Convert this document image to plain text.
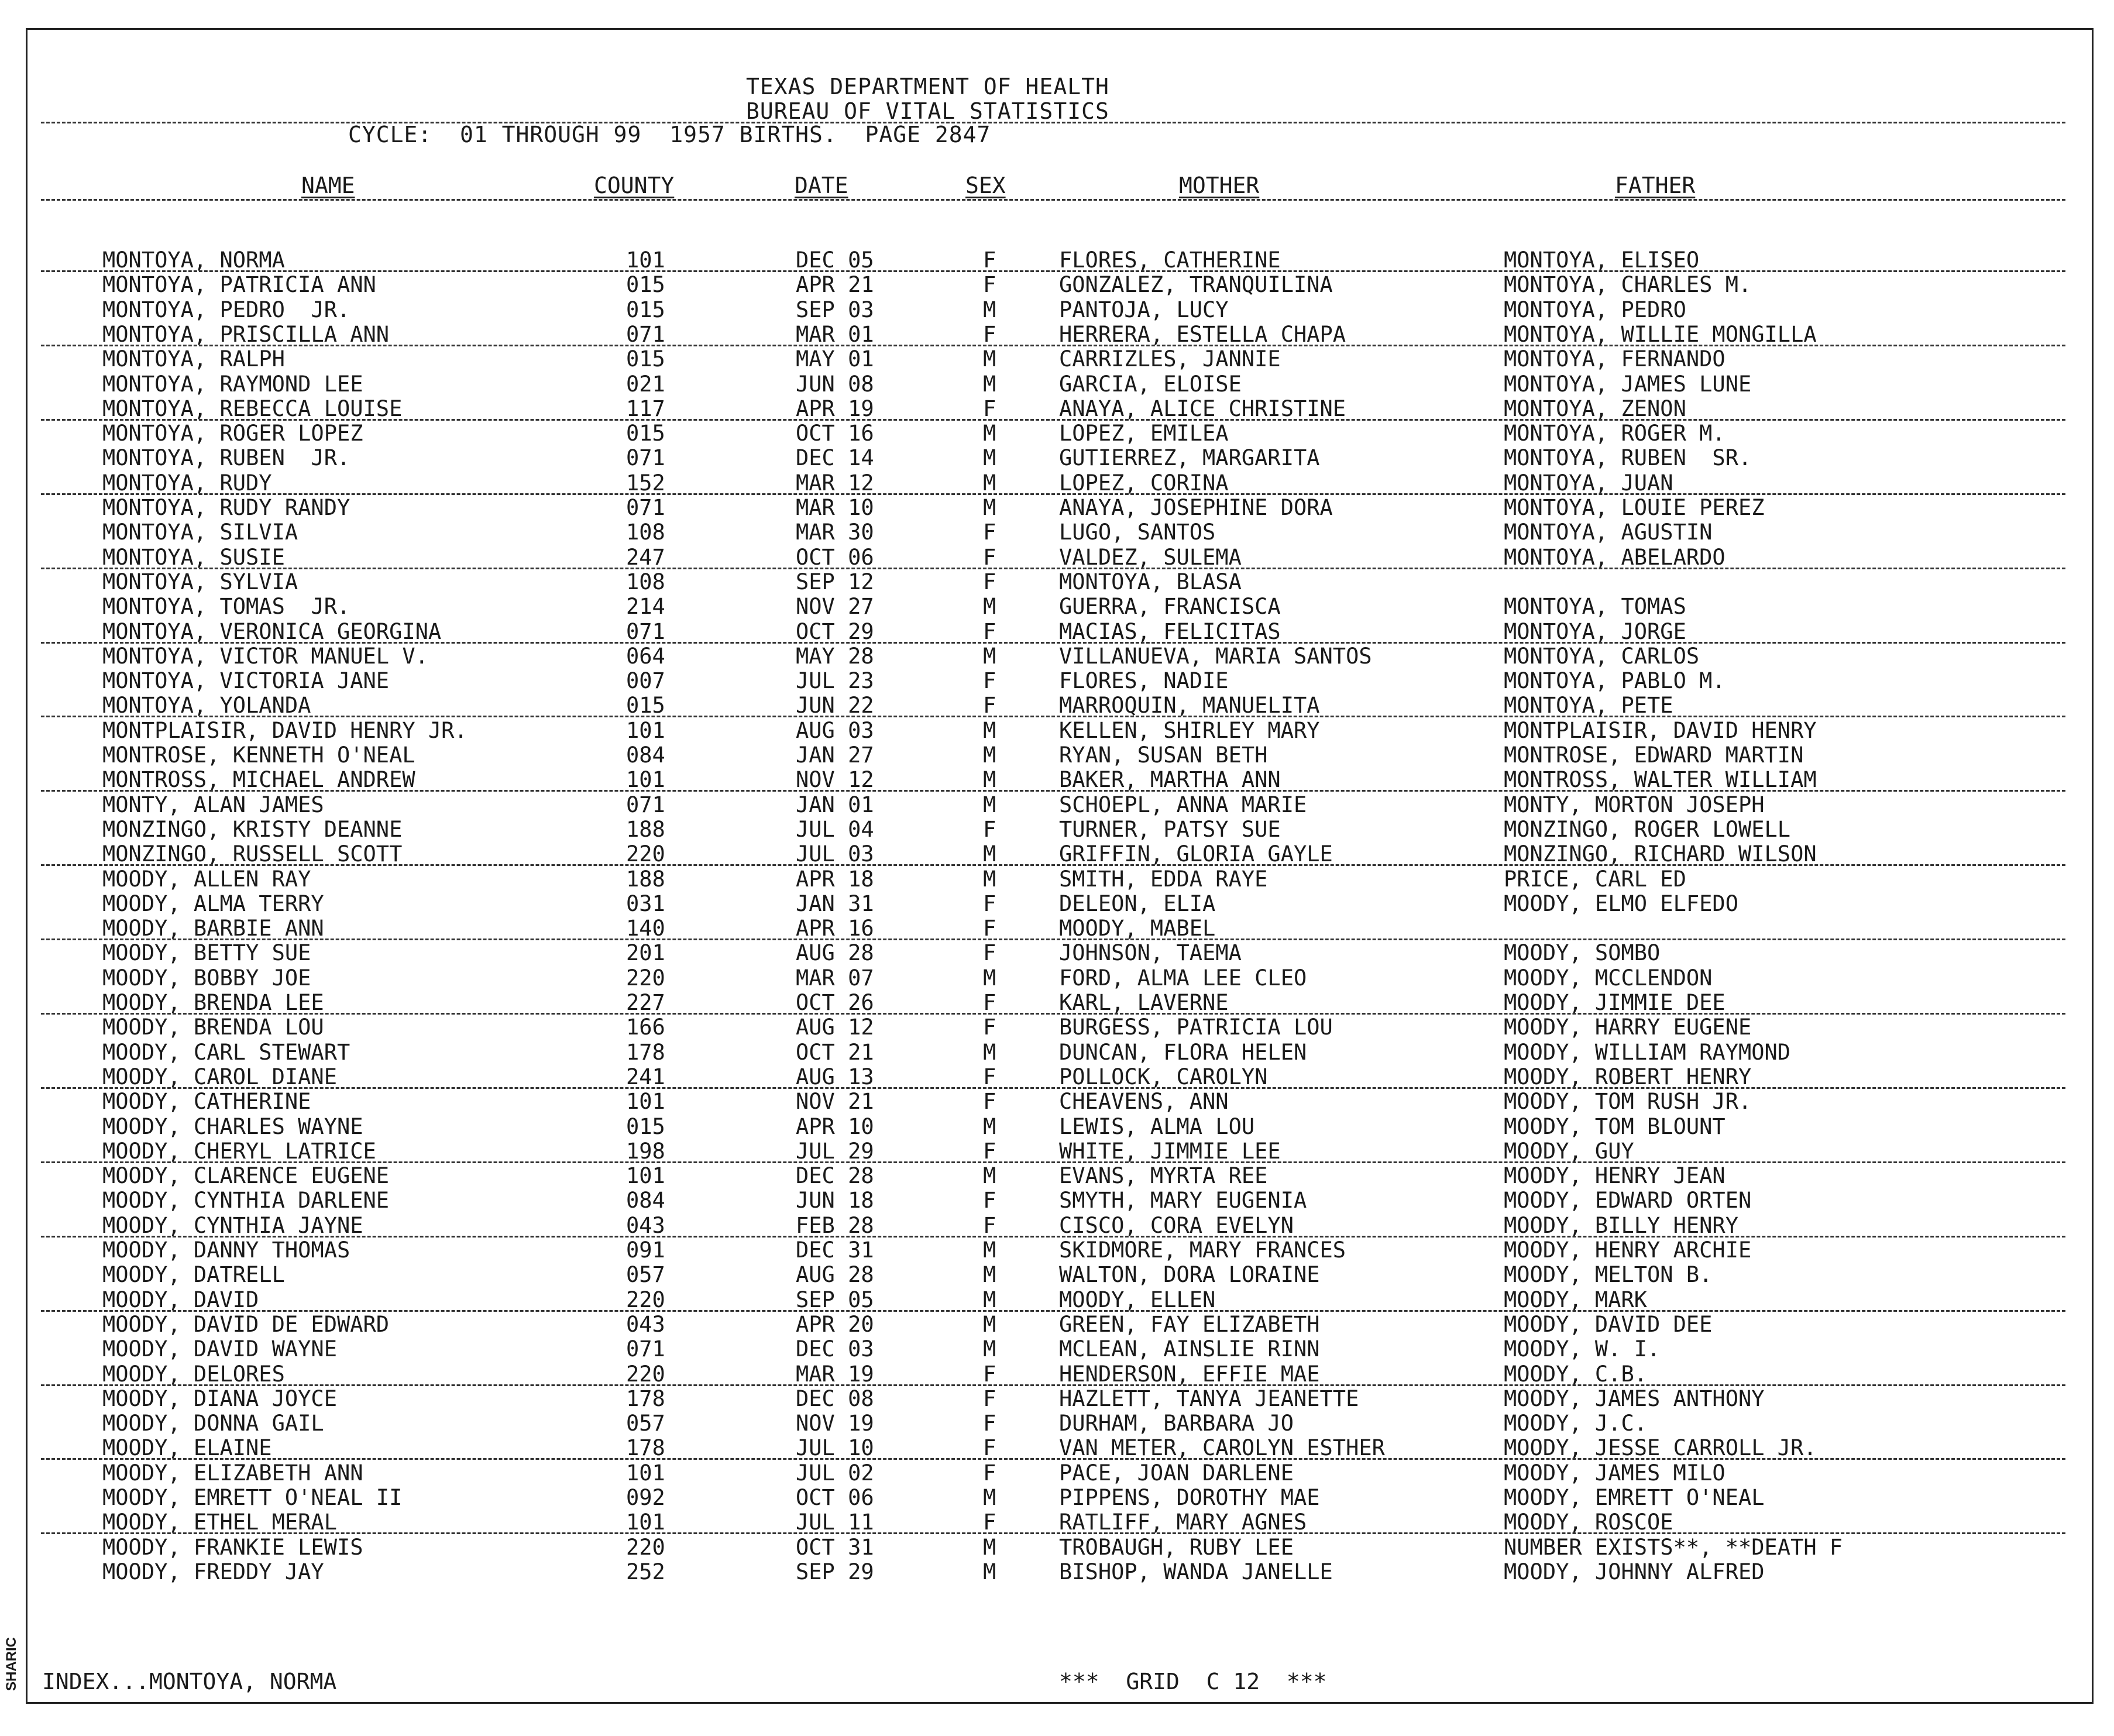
TEXAS DEPARTMENT OF HEALTH
BUREAU OF VITAL STATISTICS
CYCLE:  01 THROUGH 99  1957 BIRTHS.  PAGE 2847
NAME	COUNTY	DATE	SEX	MOTHER	FATHER
MONTOYA, NORMA	101	DEC 05	F	FLORES, CATHERINE	MONTOYA, ELISEO
MONTOYA, PATRICIA ANN	015	APR 21	F	GONZALEZ, TRANQUILINA	MONTOYA, CHARLES M.
MONTOYA, PEDRO  JR.	015	SEP 03	M	PANTOJA, LUCY	MONTOYA, PEDRO
MONTOYA, PRISCILLA ANN	071	MAR 01	F	HERRERA, ESTELLA CHAPA	MONTOYA, WILLIE MONGILLA
MONTOYA, RALPH	015	MAY 01	M	CARRIZLES, JANNIE	MONTOYA, FERNANDO
MONTOYA, RAYMOND LEE	021	JUN 08	M	GARCIA, ELOISE	MONTOYA, JAMES LUNE
MONTOYA, REBECCA LOUISE	117	APR 19	F	ANAYA, ALICE CHRISTINE	MONTOYA, ZENON
MONTOYA, ROGER LOPEZ	015	OCT 16	M	LOPEZ, EMILEA	MONTOYA, ROGER M.
MONTOYA, RUBEN  JR.	071	DEC 14	M	GUTIERREZ, MARGARITA	MONTOYA, RUBEN  SR.
MONTOYA, RUDY	152	MAR 12	M	LOPEZ, CORINA	MONTOYA, JUAN
MONTOYA, RUDY RANDY	071	MAR 10	M	ANAYA, JOSEPHINE DORA	MONTOYA, LOUIE PEREZ
MONTOYA, SILVIA	108	MAR 30	F	LUGO, SANTOS	MONTOYA, AGUSTIN
MONTOYA, SUSIE	247	OCT 06	F	VALDEZ, SULEMA	MONTOYA, ABELARDO
MONTOYA, SYLVIA	108	SEP 12	F	MONTOYA, BLASA
MONTOYA, TOMAS  JR.	214	NOV 27	M	GUERRA, FRANCISCA	MONTOYA, TOMAS
MONTOYA, VERONICA GEORGINA	071	OCT 29	F	MACIAS, FELICITAS	MONTOYA, JORGE
MONTOYA, VICTOR MANUEL V.	064	MAY 28	M	VILLANUEVA, MARIA SANTOS	MONTOYA, CARLOS
MONTOYA, VICTORIA JANE	007	JUL 23	F	FLORES, NADIE	MONTOYA, PABLO M.
MONTOYA, YOLANDA	015	JUN 22	F	MARROQUIN, MANUELITA	MONTOYA, PETE
MONTPLAISIR, DAVID HENRY JR.	101	AUG 03	M	KELLEN, SHIRLEY MARY	MONTPLAISIR, DAVID HENRY
MONTROSE, KENNETH O'NEAL	084	JAN 27	M	RYAN, SUSAN BETH	MONTROSE, EDWARD MARTIN
MONTROSS, MICHAEL ANDREW	101	NOV 12	M	BAKER, MARTHA ANN	MONTROSS, WALTER WILLIAM
MONTY, ALAN JAMES	071	JAN 01	M	SCHOEPL, ANNA MARIE	MONTY, MORTON JOSEPH
MONZINGO, KRISTY DEANNE	188	JUL 04	F	TURNER, PATSY SUE	MONZINGO, ROGER LOWELL
MONZINGO, RUSSELL SCOTT	220	JUL 03	M	GRIFFIN, GLORIA GAYLE	MONZINGO, RICHARD WILSON
MOODY, ALLEN RAY	188	APR 18	M	SMITH, EDDA RAYE	PRICE, CARL ED
MOODY, ALMA TERRY	031	JAN 31	F	DELEON, ELIA	MOODY, ELMO ELFEDO
MOODY, BARBIE ANN	140	APR 16	F	MOODY, MABEL
MOODY, BETTY SUE	201	AUG 28	F	JOHNSON, TAEMA	MOODY, SOMBO
MOODY, BOBBY JOE	220	MAR 07	M	FORD, ALMA LEE CLEO	MOODY, MCCLENDON
MOODY, BRENDA LEE	227	OCT 26	F	KARL, LAVERNE	MOODY, JIMMIE DEE
MOODY, BRENDA LOU	166	AUG 12	F	BURGESS, PATRICIA LOU	MOODY, HARRY EUGENE
MOODY, CARL STEWART	178	OCT 21	M	DUNCAN, FLORA HELEN	MOODY, WILLIAM RAYMOND
MOODY, CAROL DIANE	241	AUG 13	F	POLLOCK, CAROLYN	MOODY, ROBERT HENRY
MOODY, CATHERINE	101	NOV 21	F	CHEAVENS, ANN	MOODY, TOM RUSH JR.
MOODY, CHARLES WAYNE	015	APR 10	M	LEWIS, ALMA LOU	MOODY, TOM BLOUNT
MOODY, CHERYL LATRICE	198	JUL 29	F	WHITE, JIMMIE LEE	MOODY, GUY
MOODY, CLARENCE EUGENE	101	DEC 28	M	EVANS, MYRTA REE	MOODY, HENRY JEAN
MOODY, CYNTHIA DARLENE	084	JUN 18	F	SMYTH, MARY EUGENIA	MOODY, EDWARD ORTEN
MOODY, CYNTHIA JAYNE	043	FEB 28	F	CISCO, CORA EVELYN	MOODY, BILLY HENRY
MOODY, DANNY THOMAS	091	DEC 31	M	SKIDMORE, MARY FRANCES	MOODY, HENRY ARCHIE
MOODY, DATRELL	057	AUG 28	M	WALTON, DORA LORAINE	MOODY, MELTON B.
MOODY, DAVID	220	SEP 05	M	MOODY, ELLEN	MOODY, MARK
MOODY, DAVID DE EDWARD	043	APR 20	M	GREEN, FAY ELIZABETH	MOODY, DAVID DEE
MOODY, DAVID WAYNE	071	DEC 03	M	MCLEAN, AINSLIE RINN	MOODY, W. I.
MOODY, DELORES	220	MAR 19	F	HENDERSON, EFFIE MAE	MOODY, C.B.
MOODY, DIANA JOYCE	178	DEC 08	F	HAZLETT, TANYA JEANETTE	MOODY, JAMES ANTHONY
MOODY, DONNA GAIL	057	NOV 19	F	DURHAM, BARBARA JO	MOODY, J.C.
MOODY, ELAINE	178	JUL 10	F	VAN METER, CAROLYN ESTHER	MOODY, JESSE CARROLL JR.
MOODY, ELIZABETH ANN	101	JUL 02	F	PACE, JOAN DARLENE	MOODY, JAMES MILO
MOODY, EMRETT O'NEAL II	092	OCT 06	M	PIPPENS, DOROTHY MAE	MOODY, EMRETT O'NEAL
MOODY, ETHEL MERAL	101	JUL 11	F	RATLIFF, MARY AGNES	MOODY, ROSCOE
MOODY, FRANKIE LEWIS	220	OCT 31	M	TROBAUGH, RUBY LEE	NUMBER EXISTS**, **DEATH F
MOODY, FREDDY JAY	252	SEP 29	M	BISHOP, WANDA JANELLE	MOODY, JOHNNY ALFRED
INDEX...MONTOYA, NORMA	***  GRID  C 12  ***
SHARIC
